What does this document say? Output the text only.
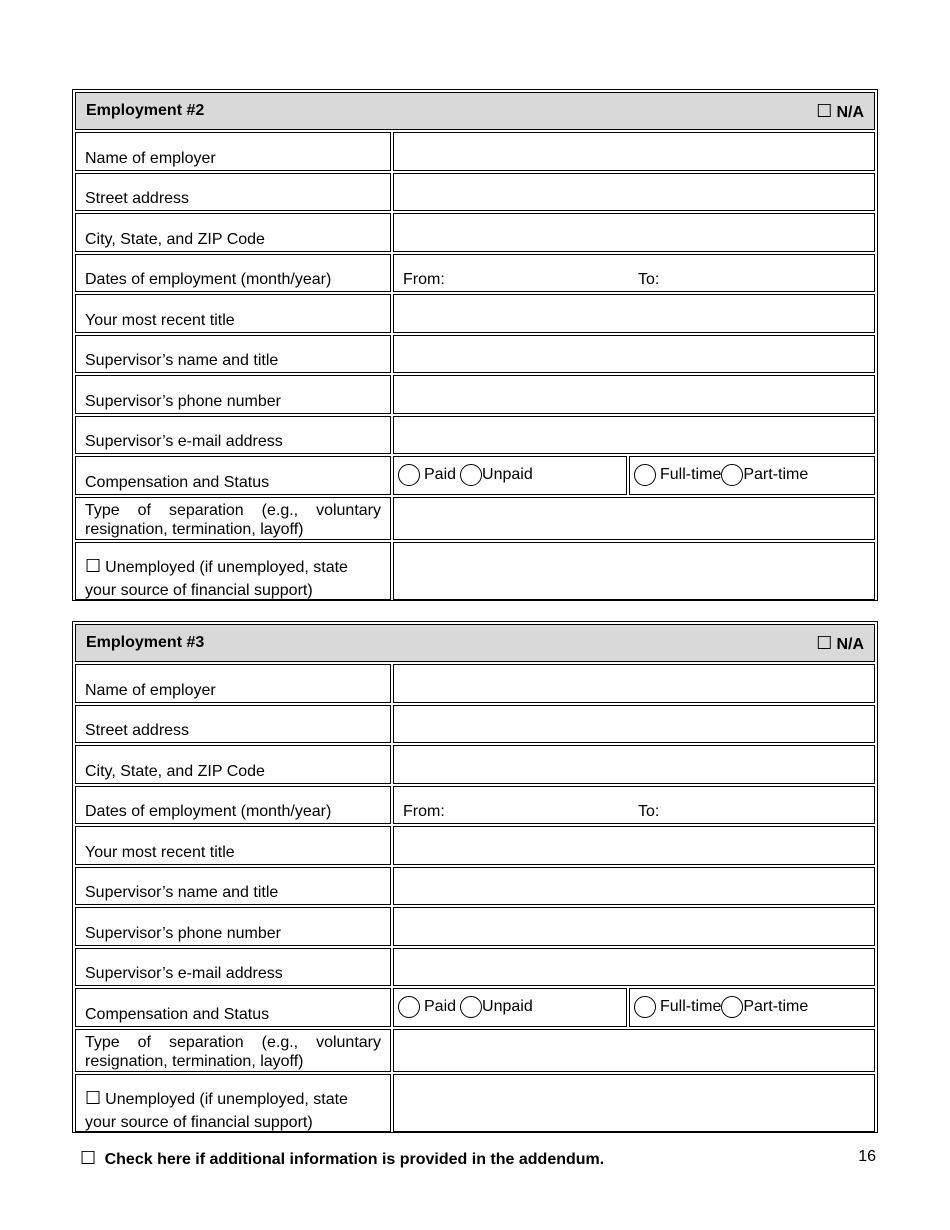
Employment #2	☐ N/A
Name of employer
Street address
City, State, and ZIP Code
Dates of employment (month/year)	From:	To:
Your most recent title
Supervisor’s name and title
Supervisor’s phone number
Supervisor’s e-mail address
Compensation and Status	Paid Unpaid	Full-time Part-time
Type of separation (e.g., voluntary resignation, termination, layoff)
☐ Unemployed (if unemployed, state your source of financial support)
Employment #3	☐ N/A
Name of employer
Street address
City, State, and ZIP Code
Dates of employment (month/year)	From:	To:
Your most recent title
Supervisor’s name and title
Supervisor’s phone number
Supervisor’s e-mail address
Compensation and Status	Paid Unpaid	Full-time Part-time
Type of separation (e.g., voluntary resignation, termination, layoff)
☐ Unemployed (if unemployed, state your source of financial support)
☐ Check here if additional information is provided in the addendum.	16
